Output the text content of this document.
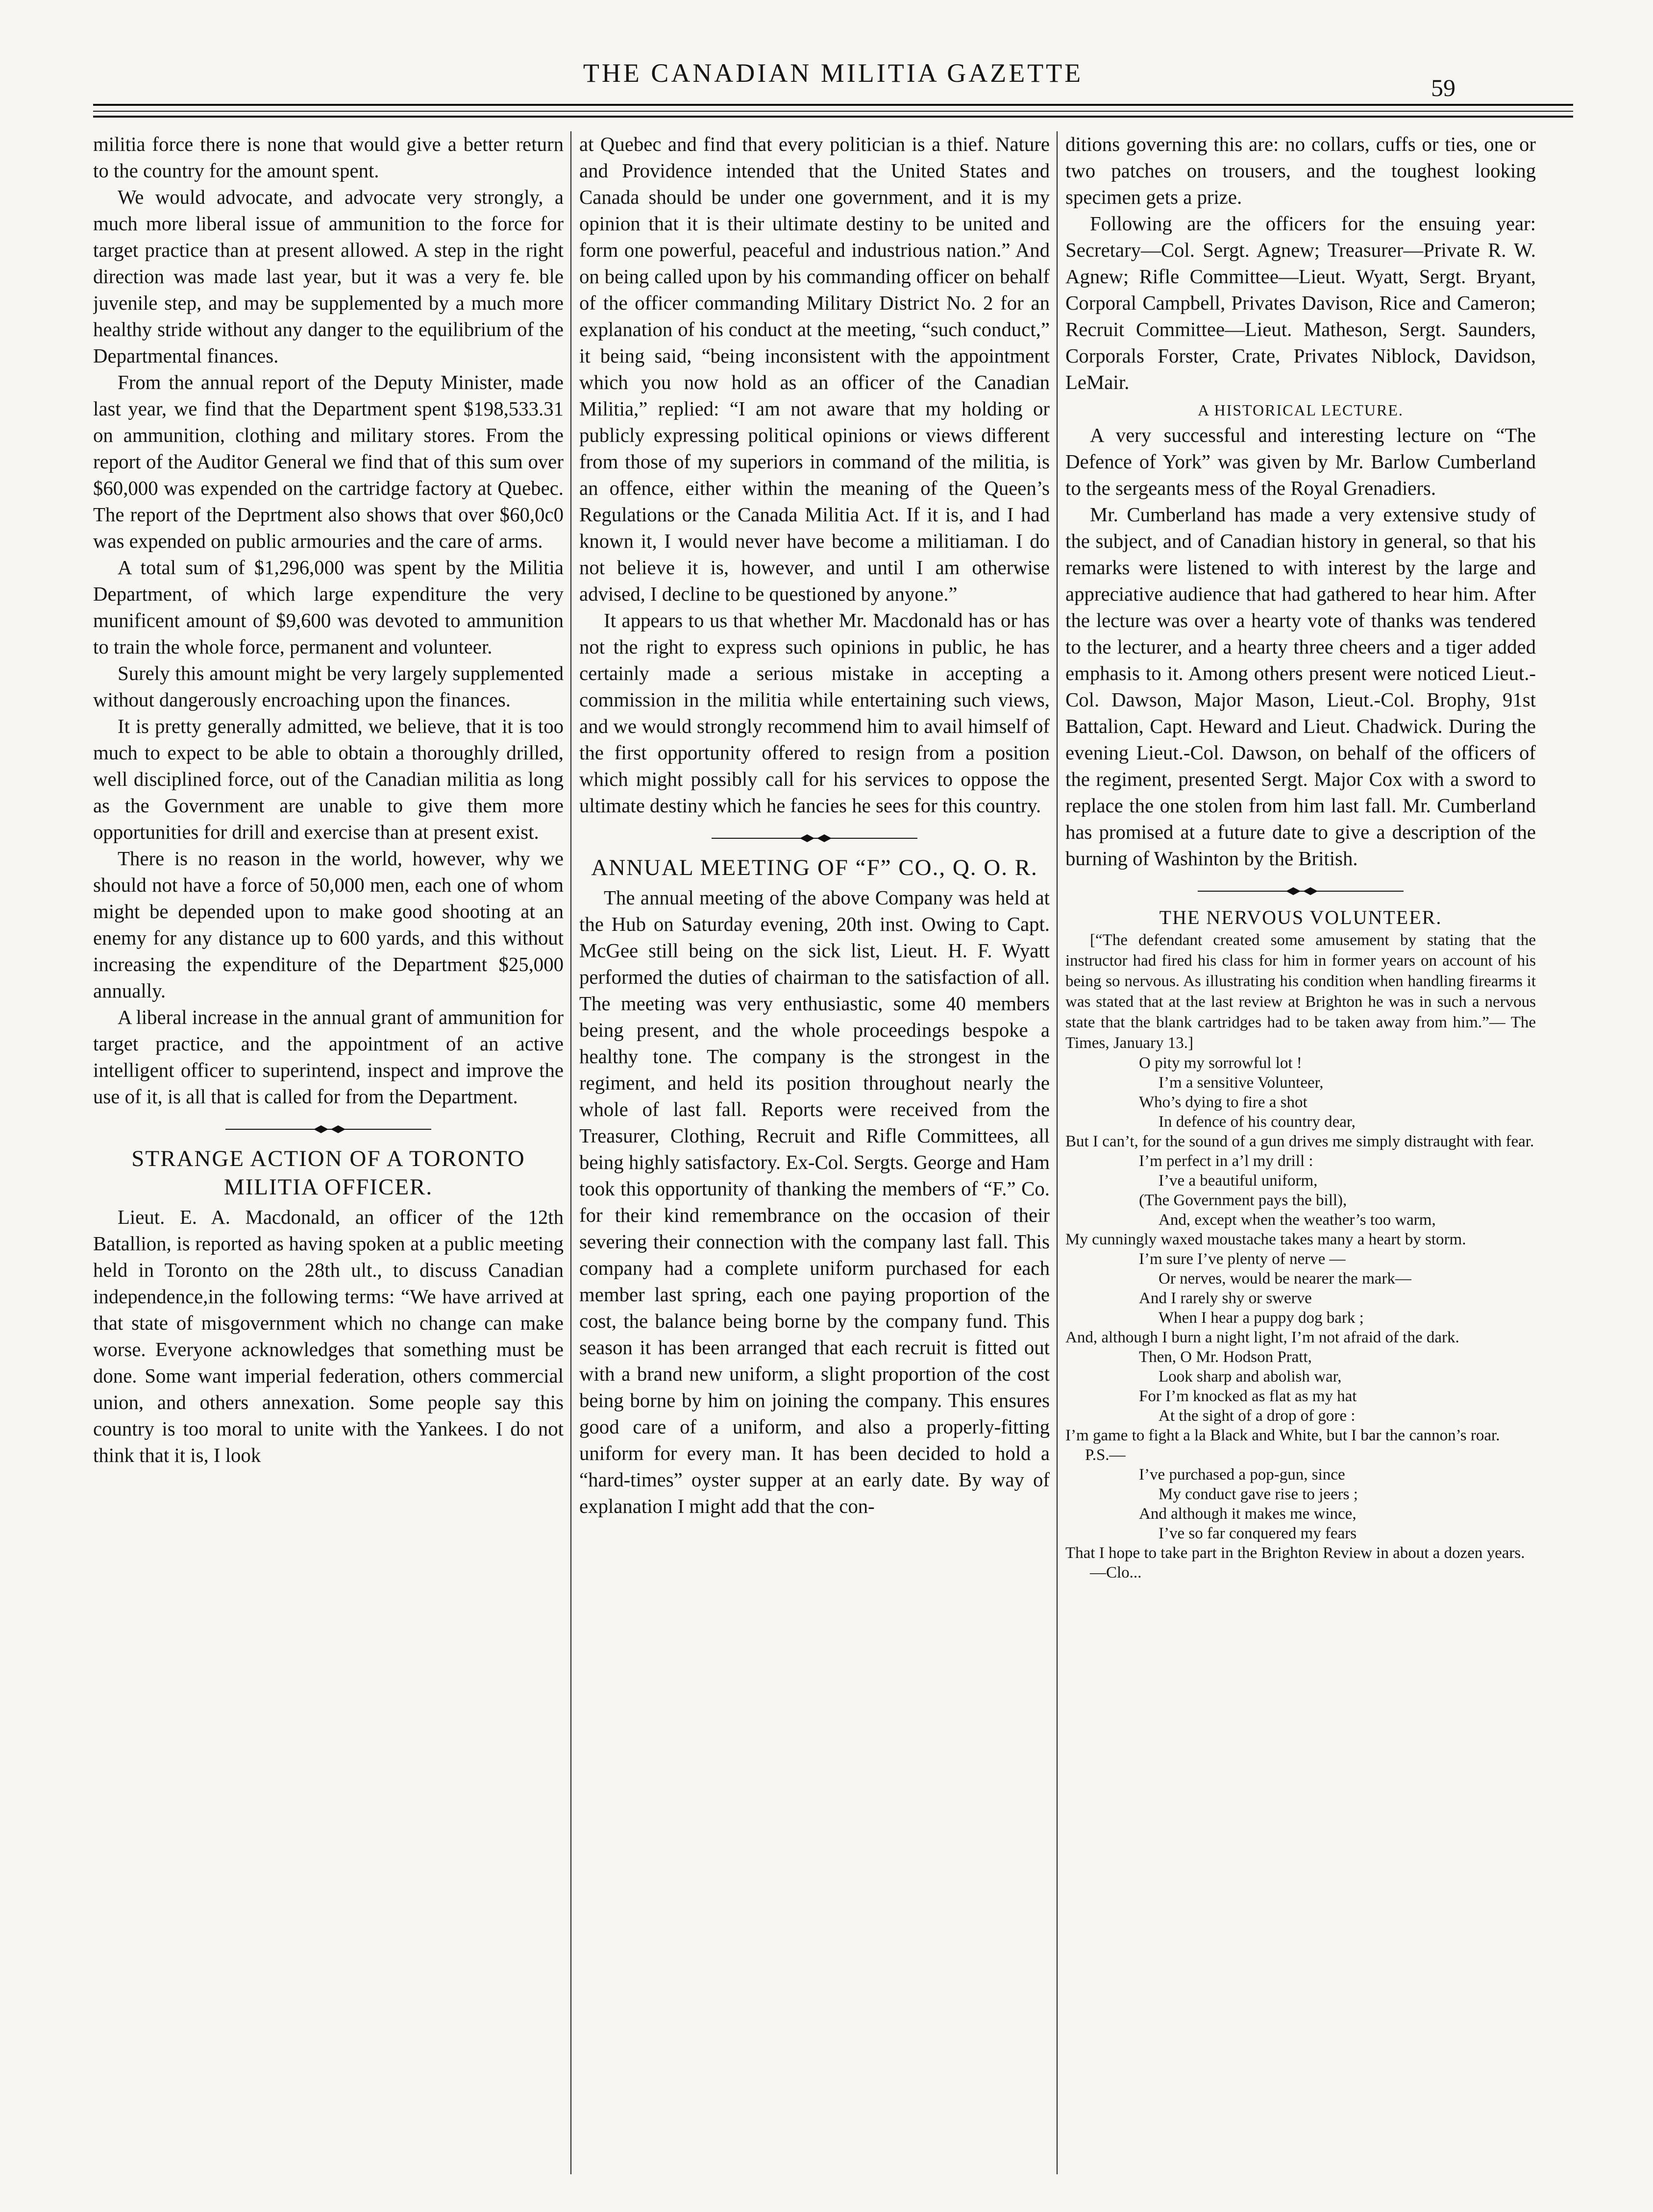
THE CANADIAN MILITIA GAZETTE	59

militia force there is none that would give a better return to the country for the amount spent.

We would advocate, and advocate very strongly, a much more liberal issue of ammunition to the force for target practice than at present allowed. A step in the right direction was made last year, but it was a very fe. ble juvenile step, and may be supplemented by a much more healthy stride without any danger to the equilibrium of the Departmental finances.

From the annual report of the Deputy Minister, made last year, we find that the Department spent $198,533.31 on ammunition, clothing and military stores. From the report of the Auditor General we find that of this sum over $60,000 was expended on the cartridge factory at Quebec. The report of the Deprtment also shows that over $60,0c0 was expended on public armouries and the care of arms.

A total sum of $1,296,000 was spent by the Militia Department, of which large expenditure the very munificent amount of $9,600 was devoted to ammunition to train the whole force, permanent and volunteer.

Surely this amount might be very largely supplemented without dangerously encroaching upon the finances.

It is pretty generally admitted, we believe, that it is too much to expect to be able to obtain a thoroughly drilled, well disciplined force, out of the Canadian militia as long as the Government are unable to give them more opportunities for drill and exercise than at present exist.

There is no reason in the world, however, why we should not have a force of 50,000 men, each one of whom might be depended upon to make good shooting at an enemy for any distance up to 600 yards, and this without increasing the expenditure of the Department $25,000 annually.

A liberal increase in the annual grant of ammunition for target practice, and the appointment of an active intelligent officer to superintend, inspect and improve the use of it, is all that is called for from the Department.

STRANGE ACTION OF A TORONTO MILITIA OFFICER.

Lieut. E. A. Macdonald, an officer of the 12th Batallion, is reported as having spoken at a public meeting held in Toronto on the 28th ult., to discuss Canadian independence,in the following terms: “We have arrived at that state of misgovernment which no change can make worse. Everyone acknowledges that something must be done. Some want imperial federation, others commercial union, and others annexation. Some people say this country is too moral to unite with the Yankees. I do not think that it is, I look

at Quebec and find that every politician is a thief. Nature and Providence intended that the United States and Canada should be under one government, and it is my opinion that it is their ultimate destiny to be united and form one powerful, peaceful and industrious nation.” And on being called upon by his commanding officer on behalf of the officer commanding Military District No. 2 for an explanation of his conduct at the meeting, “such conduct,” it being said, “being inconsistent with the appointment which you now hold as an officer of the Canadian Militia,” replied: “I am not aware that my holding or publicly expressing political opinions or views different from those of my superiors in command of the militia, is an offence, either within the meaning of the Queen’s Regulations or the Canada Militia Act. If it is, and I had known it, I would never have become a militiaman. I do not believe it is, however, and until I am otherwise advised, I decline to be questioned by anyone.”

It appears to us that whether Mr. Macdonald has or has not the right to express such opinions in public, he has certainly made a serious mistake in accepting a commission in the militia while entertaining such views, and we would strongly recommend him to avail himself of the first opportunity offered to resign from a position which might possibly call for his services to oppose the ultimate destiny which he fancies he sees for this country.

ANNUAL MEETING OF “F” CO., Q. O. R.

The annual meeting of the above Company was held at the Hub on Saturday evening, 20th inst. Owing to Capt. McGee still being on the sick list, Lieut. H. F. Wyatt performed the duties of chairman to the satisfaction of all. The meeting was very enthusiastic, some 40 members being present, and the whole proceedings bespoke a healthy tone. The company is the strongest in the regiment, and held its position throughout nearly the whole of last fall. Reports were received from the Treasurer, Clothing, Recruit and Rifle Committees, all being highly satisfactory. Ex-Col. Sergts. George and Ham took this opportunity of thanking the members of “F.” Co. for their kind remembrance on the occasion of their severing their connection with the company last fall. This company had a complete uniform purchased for each member last spring, each one paying proportion of the cost, the balance being borne by the company fund. This season it has been arranged that each recruit is fitted out with a brand new uniform, a slight proportion of the cost being borne by him on joining the company. This ensures good care of a uniform, and also a properly-fitting uniform for every man. It has been decided to hold a “hard-times” oyster supper at an early date. By way of explanation I might add that the con-

ditions governing this are: no collars, cuffs or ties, one or two patches on trousers, and the toughest looking specimen gets a prize.

Following are the officers for the ensuing year: Secretary—Col. Sergt. Agnew; Treasurer—Private R. W. Agnew; Rifle Committee—Lieut. Wyatt, Sergt. Bryant, Corporal Campbell, Privates Davison, Rice and Cameron; Recruit Committee—Lieut. Matheson, Sergt. Saunders, Corporals Forster, Crate, Privates Niblock, Davidson, LeMair.

A HISTORICAL LECTURE.

A very successful and interesting lecture on “The Defence of York” was given by Mr. Barlow Cumberland to the sergeants mess of the Royal Grenadiers.

Mr. Cumberland has made a very extensive study of the subject, and of Canadian history in general, so that his remarks were listened to with interest by the large and appreciative audience that had gathered to hear him. After the lecture was over a hearty vote of thanks was tendered to the lecturer, and a hearty three cheers and a tiger added emphasis to it. Among others present were noticed Lieut.-Col. Dawson, Major Mason, Lieut.-Col. Brophy, 91st Battalion, Capt. Heward and Lieut. Chadwick. During the evening Lieut.-Col. Dawson, on behalf of the officers of the regiment, presented Sergt. Major Cox with a sword to replace the one stolen from him last fall. Mr. Cumberland has promised at a future date to give a description of the burning of Washinton by the British.

THE NERVOUS VOLUNTEER.

[“The defendant created some amusement by stating that the instructor had fired his class for him in former years on account of his being so nervous. As illustrating his condition when handling firearms it was stated that at the last review at Brighton he was in such a nervous state that the blank cartridges had to be taken away from him.”— The Times, January 13.]

O pity my sorrowful lot !
I’m a sensitive Volunteer,
Who’s dying to fire a shot
In defence of his country dear,
But I can’t, for the sound of a gun drives me simply distraught with fear.
I’m perfect in a’l my drill :
I’ve a beautiful uniform,
(The Government pays the bill),
And, except when the weather’s too warm,
My cunningly waxed moustache takes many a heart by storm.
I’m sure I’ve plenty of nerve —
Or nerves, would be nearer the mark—
And I rarely shy or swerve
When I hear a puppy dog bark ;
And, although I burn a night light, I’m not afraid of the dark.
Then, O Mr. Hodson Pratt,
Look sharp and abolish war,
For I’m knocked as flat as my hat
At the sight of a drop of gore :
I’m game to fight a la Black and White, but I bar the cannon’s roar.
P.S.—
I’ve purchased a pop-gun, since
My conduct gave rise to jeers ;
And although it makes me wince,
I’ve so far conquered my fears
That I hope to take part in the Brighton Review in about a dozen years.—Clo...
